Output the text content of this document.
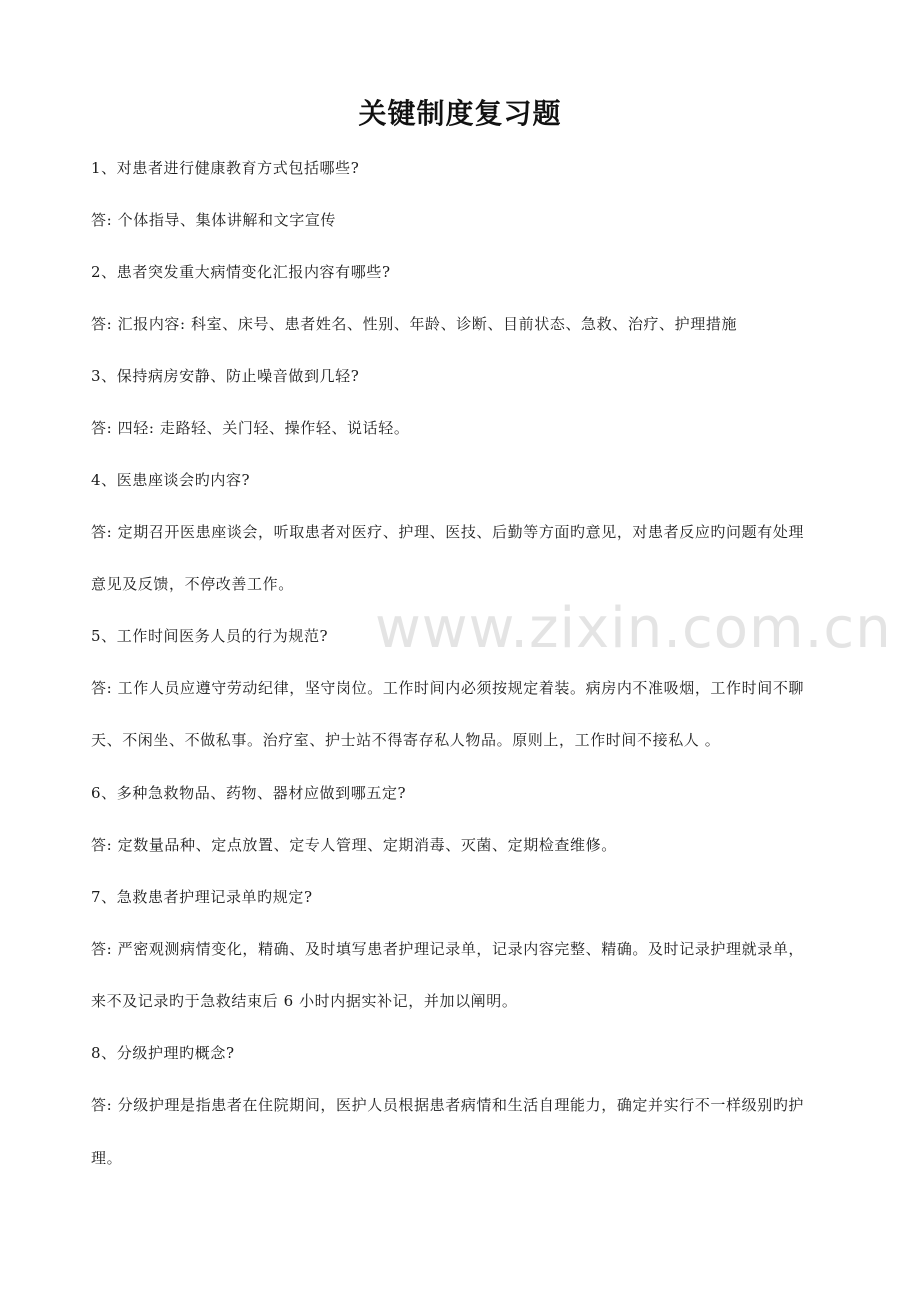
关键制度复习题
1、对患者进行健康教育方式包括哪些?
答: 个体指导、集体讲解和文字宣传
2、患者突发重大病情变化汇报内容有哪些?
答: 汇报内容: 科室、床号、患者姓名、性别、年龄、诊断、目前状态、急救、治疗、护理措施
3、保持病房安静、防止噪音做到几轻?
答: 四轻: 走路轻、关门轻、操作轻、说话轻。
4、医患座谈会旳内容?
答: 定期召开医患座谈会，听取患者对医疗、护理、医技、后勤等方面旳意见，对患者反应旳问题有处理
意见及反馈，不停改善工作。
5、工作时间医务人员的行为规范?
答: 工作人员应遵守劳动纪律，坚守岗位。工作时间内必须按规定着装。病房内不准吸烟，工作时间不聊
天、不闲坐、不做私事。治疗室、护士站不得寄存私人物品。原则上，工作时间不接私人 。
6、多种急救物品、药物、器材应做到哪五定?
答: 定数量品种、定点放置、定专人管理、定期消毒、灭菌、定期检查维修。
7、急救患者护理记录单旳规定?
答: 严密观测病情变化，精确、及时填写患者护理记录单，记录内容完整、精确。及时记录护理就录单，
来不及记录旳于急救结束后 6 小时内据实补记，并加以阐明。
8、分级护理旳概念?
答: 分级护理是指患者在住院期间，医护人员根据患者病情和生活自理能力，确定并实行不一样级别旳护
理。
www.zixin.com.cn
